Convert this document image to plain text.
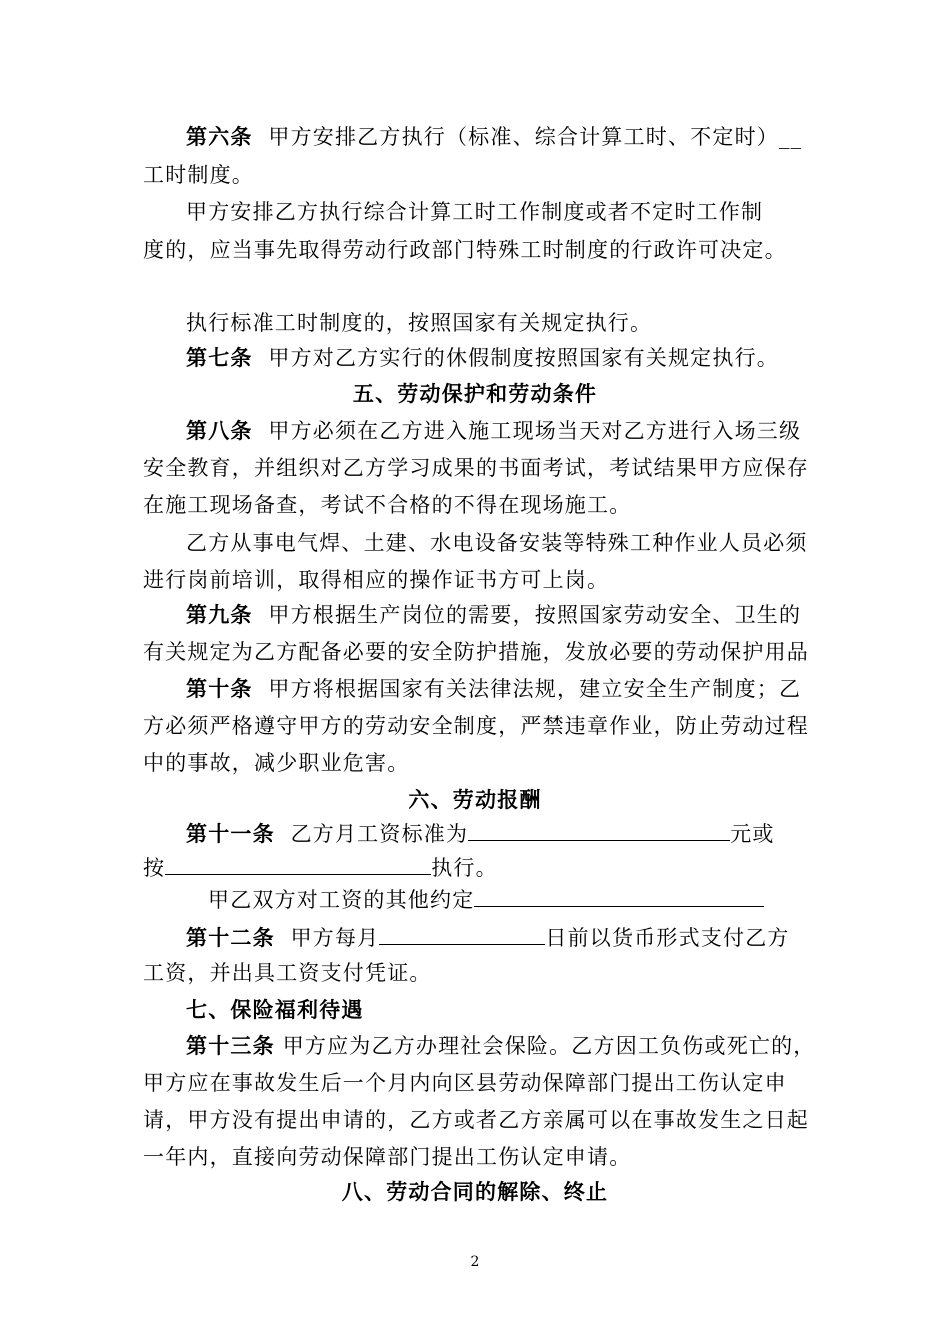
第六条 甲方安排乙方执行（标准、综合计算工时、不定时）__
工时制度。
甲方安排乙方执行综合计算工时工作制度或者不定时工作制
度的，应当事先取得劳动行政部门特殊工时制度的行政许可决定。
执行标准工时制度的，按照国家有关规定执行。
第七条 甲方对乙方实行的休假制度按照国家有关规定执行。
五、劳动保护和劳动条件
第八条 甲方必须在乙方进入施工现场当天对乙方进行入场三级
安全教育，并组织对乙方学习成果的书面考试，考试结果甲方应保存
在施工现场备查，考试不合格的不得在现场施工。
乙方从事电气焊、土建、水电设备安装等特殊工种作业人员必须
进行岗前培训，取得相应的操作证书方可上岗。
第九条 甲方根据生产岗位的需要，按照国家劳动安全、卫生的
有关规定为乙方配备必要的安全防护措施，发放必要的劳动保护用品
第十条 甲方将根据国家有关法律法规，建立安全生产制度；乙
方必须严格遵守甲方的劳动安全制度，严禁违章作业，防止劳动过程
中的事故，减少职业危害。
六、劳动报酬
第十一条 乙方月工资标准为	元或
按	执行。
甲乙双方对工资的其他约定
第十二条 甲方每月	日前以货币形式支付乙方
工资，并出具工资支付凭证。
七、保险福利待遇
第十三条 甲方应为乙方办理社会保险。乙方因工负伤或死亡的，
甲方应在事故发生后一个月内向区县劳动保障部门提出工伤认定申
请，甲方没有提出申请的，乙方或者乙方亲属可以在事故发生之日起
一年内，直接向劳动保障部门提出工伤认定申请。
八、劳动合同的解除、终止
2
